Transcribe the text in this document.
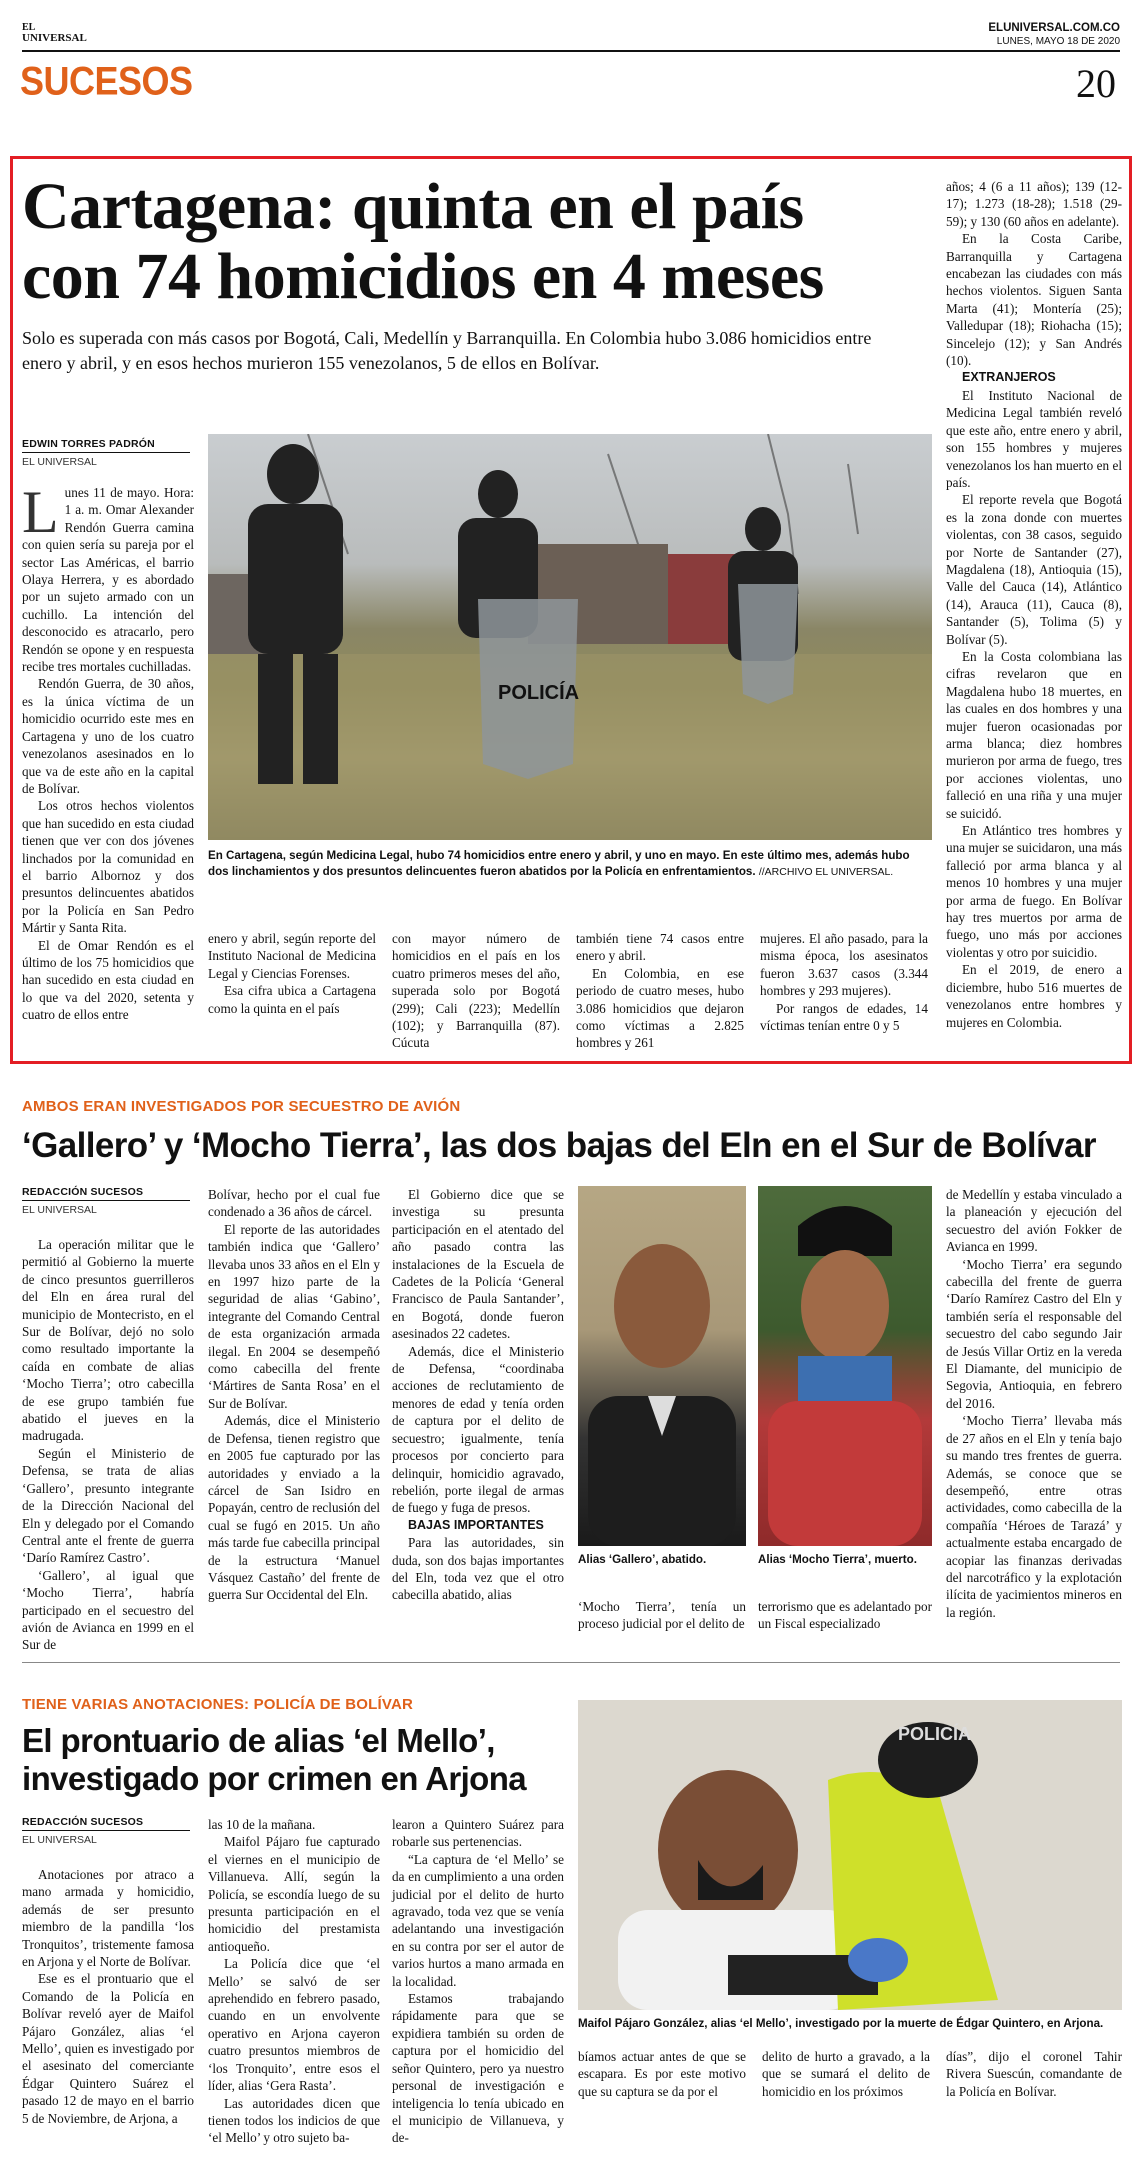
EL
UNIVERSAL
ELUNIVERSAL.COM.CO
LUNES, MAYO 18 DE 2020
SUCESOS	20
Cartagena: quinta en el país
con 74 homicidios en 4 meses
Solo es superada con más casos por Bogotá, Cali, Medellín y Barranquilla. En Colombia hubo 3.086 homicidios entre enero y abril, y en esos hechos murieron 155 venezolanos, 5 de ellos en Bolívar.
EDWIN TORRES PADRÓN
EL UNIVERSAL

Lunes 11 de mayo. Hora: 1 a. m. Omar Alexander Rendón Guerra camina con quien sería su pareja por el sector Las Américas, el barrio Olaya Herrera, y es abordado por un sujeto armado con un cuchillo. La intención del desconocido es atracarlo, pero Rendón se opone y en respuesta recibe tres mortales cuchilladas.

Rendón Guerra, de 30 años, es la única víctima de un homicidio ocurrido este mes en Cartagena y uno de los cuatro venezolanos asesinados en lo que va de este año en la capital de Bolívar.

Los otros hechos violentos que han sucedido en esta ciudad tienen que ver con dos jóvenes linchados por la comunidad en el barrio Albornoz y dos presuntos delincuentes abatidos por la Policía en San Pedro Mártir y Santa Rita.

El de Omar Rendón es el último de los 75 homicidios que han sucedido en esta ciudad en lo que va del 2020, setenta y cuatro de ellos entre

POLICÍA
En Cartagena, según Medicina Legal, hubo 74 homicidios entre enero y abril, y uno en mayo. En este último mes, además hubo dos linchamientos y dos presuntos delincuentes fueron abatidos por la Policía en enfrentamientos. //ARCHIVO EL UNIVERSAL.

enero y abril, según reporte del Instituto Nacional de Medicina Legal y Ciencias Forenses.

Esa cifra ubica a Cartagena como la quinta en el país

con mayor número de homicidios en el país en los cuatro primeros meses del año, superada solo por Bogotá (299); Cali (223); Medellín (102); y Barranquilla (87). Cúcuta

también tiene 74 casos entre enero y abril.

En Colombia, en ese periodo de cuatro meses, hubo 3.086 homicidios que dejaron como víctimas a 2.825 hombres y 261

mujeres. El año pasado, para la misma época, los asesinatos fueron 3.637 casos (3.344 hombres y 293 mujeres).

Por rangos de edades, 14 víctimas tenían entre 0 y 5

años; 4 (6 a 11 años); 139 (12-17); 1.273 (18-28); 1.518 (29-59); y 130 (60 años en adelante).

En la Costa Caribe, Barranquilla y Cartagena encabezan las ciudades con más hechos violentos. Siguen Santa Marta (41); Montería (25); Valledupar (18); Riohacha (15); Sincelejo (12); y San Andrés (10).

EXTRANJEROS

El Instituto Nacional de Medicina Legal también reveló que este año, entre enero y abril, son 155 hombres y mujeres venezolanos los han muerto en el país.

El reporte revela que Bogotá es la zona donde con muertes violentas, con 38 casos, seguido por Norte de Santander (27), Magdalena (18), Antioquia (15), Valle del Cauca (14), Atlántico (14), Arauca (11), Cauca (8), Santander (5), Tolima (5) y Bolívar (5).

En la Costa colombiana las cifras revelaron que en Magdalena hubo 18 muertes, en las cuales en dos hombres y una mujer fueron ocasionadas por arma blanca; diez hombres murieron por arma de fuego, tres por acciones violentas, uno falleció en una riña y una mujer se suicidó.

En Atlántico tres hombres y una mujer se suicidaron, una más falleció por arma blanca y al menos 10 hombres y una mujer por arma de fuego. En Bolívar hay tres muertos por arma de fuego, uno más por acciones violentas y otro por suicidio.

En el 2019, de enero a diciembre, hubo 516 muertes de venezolanos entre hombres y mujeres en Colombia.

AMBOS ERAN INVESTIGADOS POR SECUESTRO DE AVIÓN
‘Gallero’ y ‘Mocho Tierra’, las dos bajas del Eln en el Sur de Bolívar
REDACCIÓN SUCESOS
EL UNIVERSAL

La operación militar que le permitió al Gobierno la muerte de cinco presuntos guerrilleros del Eln en área rural del municipio de Montecristo, en el Sur de Bolívar, dejó no solo como resultado importante la caída en combate de alias ‘Mocho Tierra’; otro cabecilla de ese grupo también fue abatido el jueves en la madrugada.

Según el Ministerio de Defensa, se trata de alias ‘Gallero’, presunto integrante de la Dirección Nacional del Eln y delegado por el Comando Central ante el frente de guerra ‘Darío Ramírez Castro’.

‘Gallero’, al igual que ‘Mocho Tierra’, habría participado en el secuestro del avión de Avianca en 1999 en el Sur de

Bolívar, hecho por el cual fue condenado a 36 años de cárcel.

El reporte de las autoridades también indica que ‘Gallero’ llevaba unos 33 años en el Eln y en 1997 hizo parte de la seguridad de alias ‘Gabino’, integrante del Comando Central de esta organización armada ilegal. En 2004 se desempeñó como cabecilla del frente ‘Mártires de Santa Rosa’ en el Sur de Bolívar.

Además, dice el Ministerio de Defensa, tienen registro que en 2005 fue capturado por las autoridades y enviado a la cárcel de San Isidro en Popayán, centro de reclusión del cual se fugó en 2015. Un año más tarde fue cabecilla principal de la estructura ‘Manuel Vásquez Castaño’ del frente de guerra Sur Occidental del Eln.

El Gobierno dice que se investiga su presunta participación en el atentado del año pasado contra las instalaciones de la Escuela de Cadetes de la Policía ‘General Francisco de Paula Santander’, en Bogotá, donde fueron asesinados 22 cadetes.

Además, dice el Ministerio de Defensa, “coordinaba acciones de reclutamiento de menores de edad y tenía orden de captura por el delito de secuestro; igualmente, tenía procesos por concierto para delinquir, homicidio agravado, rebelión, porte ilegal de armas de fuego y fuga de presos.

BAJAS IMPORTANTES

Para las autoridades, sin duda, son dos bajas importantes del Eln, toda vez que el otro cabecilla abatido, alias

Alias ‘Gallero’, abatido.	Alias ‘Mocho Tierra’, muerto.

‘Mocho Tierra’, tenía un proceso judicial por el delito de

terrorismo que es adelantado por un Fiscal especializado

de Medellín y estaba vinculado a la planeación y ejecución del secuestro del avión Fokker de Avianca en 1999.

‘Mocho Tierra’ era segundo cabecilla del frente de guerra ‘Darío Ramírez Castro del Eln y también sería el responsable del secuestro del cabo segundo Jair de Jesús Villar Ortiz en la vereda El Diamante, del municipio de Segovia, Antioquia, en febrero del 2016.

‘Mocho Tierra’ llevaba más de 27 años en el Eln y tenía bajo su mando tres frentes de guerra. Además, se conoce que se desempeñó, entre otras actividades, como cabecilla de la compañía ‘Héroes de Tarazá’ y actualmente estaba encargado de acopiar las finanzas derivadas del narcotráfico y la explotación ilícita de yacimientos mineros en la región.

TIENE VARIAS ANOTACIONES: POLICÍA DE BOLÍVAR
El prontuario de alias ‘el Mello’,
investigado por crimen en Arjona
REDACCIÓN SUCESOS
EL UNIVERSAL

Anotaciones por atraco a mano armada y homicidio, además de ser presunto miembro de la pandilla ‘los Tronquitos’, tristemente famosa en Arjona y el Norte de Bolívar.

Ese es el prontuario que el Comando de la Policía en Bolívar reveló ayer de Maifol Pájaro González, alias ‘el Mello’, quien es investigado por el asesinato del comerciante Édgar Quintero Suárez el pasado 12 de mayo en el barrio 5 de Noviembre, de Arjona, a

las 10 de la mañana.

Maifol Pájaro fue capturado el viernes en el municipio de Villanueva. Allí, según la Policía, se escondía luego de su presunta participación en el homicidio del prestamista antioqueño.

La Policía dice que ‘el Mello’ se salvó de ser aprehendido en febrero pasado, cuando en un envolvente operativo en Arjona cayeron cuatro presuntos miembros de ‘los Tronquito’, entre esos el líder, alias ‘Gera Rasta’.

Las autoridades dicen que tienen todos los indicios de que ‘el Mello’ y otro sujeto ba-

learon a Quintero Suárez para robarle sus pertenencias.

“La captura de ‘el Mello’ se da en cumplimiento a una orden judicial por el delito de hurto agravado, toda vez que se venía adelantando una investigación en su contra por ser el autor de varios hurtos a mano armada en la localidad.

Estamos trabajando rápidamente para que se expidiera también su orden de captura por el homicidio del señor Quintero, pero ya nuestro personal de investigación e inteligencia lo tenía ubicado en el municipio de Villanueva, y de-

POLICÍA
Maifol Pájaro González, alias ‘el Mello’, investigado por la muerte de Édgar Quintero, en Arjona.

bíamos actuar antes de que se escapara. Es por este motivo que su captura se da por el

delito de hurto a gravado, a la que se sumará el delito de homicidio en los próximos

días”, dijo el coronel Tahir Rivera Suescún, comandante de la Policía en Bolívar.
